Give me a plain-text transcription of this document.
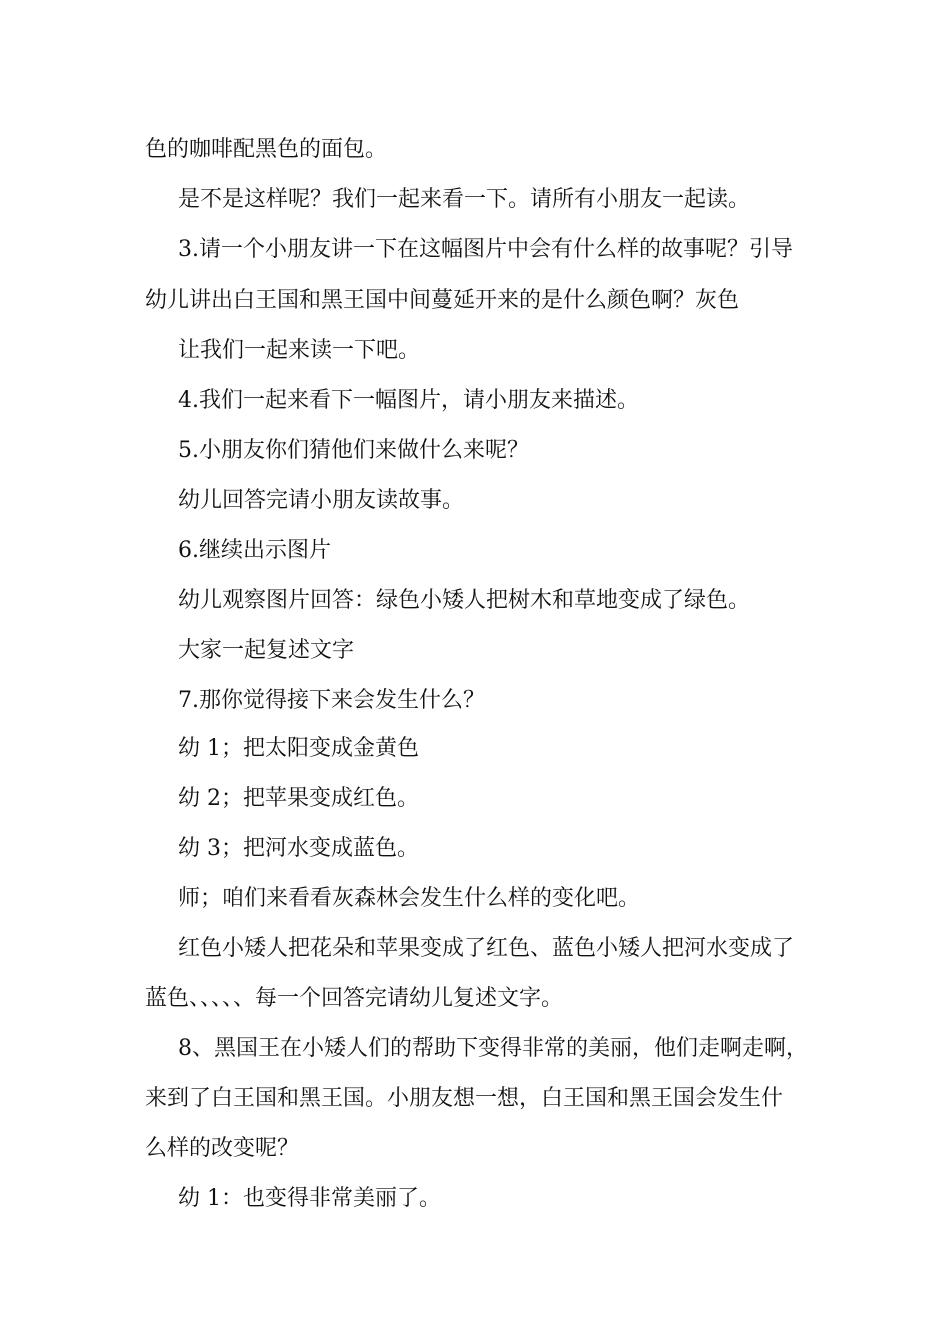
色的咖啡配黑色的面包。

是不是这样呢？我们一起来看一下。请所有小朋友一起读。

3.请一个小朋友讲一下在这幅图片中会有什么样的故事呢？引导

幼儿讲出白王国和黑王国中间蔓延开来的是什么颜色啊？灰色

让我们一起来读一下吧。

4.我们一起来看下一幅图片，请小朋友来描述。

5.小朋友你们猜他们来做什么来呢？

幼儿回答完请小朋友读故事。

6.继续出示图片

幼儿观察图片回答：绿色小矮人把树木和草地变成了绿色。

大家一起复述文字

7.那你觉得接下来会发生什么？

幼 1；把太阳变成金黄色

幼 2；把苹果变成红色。

幼 3；把河水变成蓝色。

师；咱们来看看灰森林会发生什么样的变化吧。

红色小矮人把花朵和苹果变成了红色、蓝色小矮人把河水变成了

蓝色、、、、、每一个回答完请幼儿复述文字。

8、黑国王在小矮人们的帮助下变得非常的美丽，他们走啊走啊，

来到了白王国和黑王国。小朋友想一想，白王国和黑王国会发生什

么样的改变呢？

幼 1：也变得非常美丽了。
